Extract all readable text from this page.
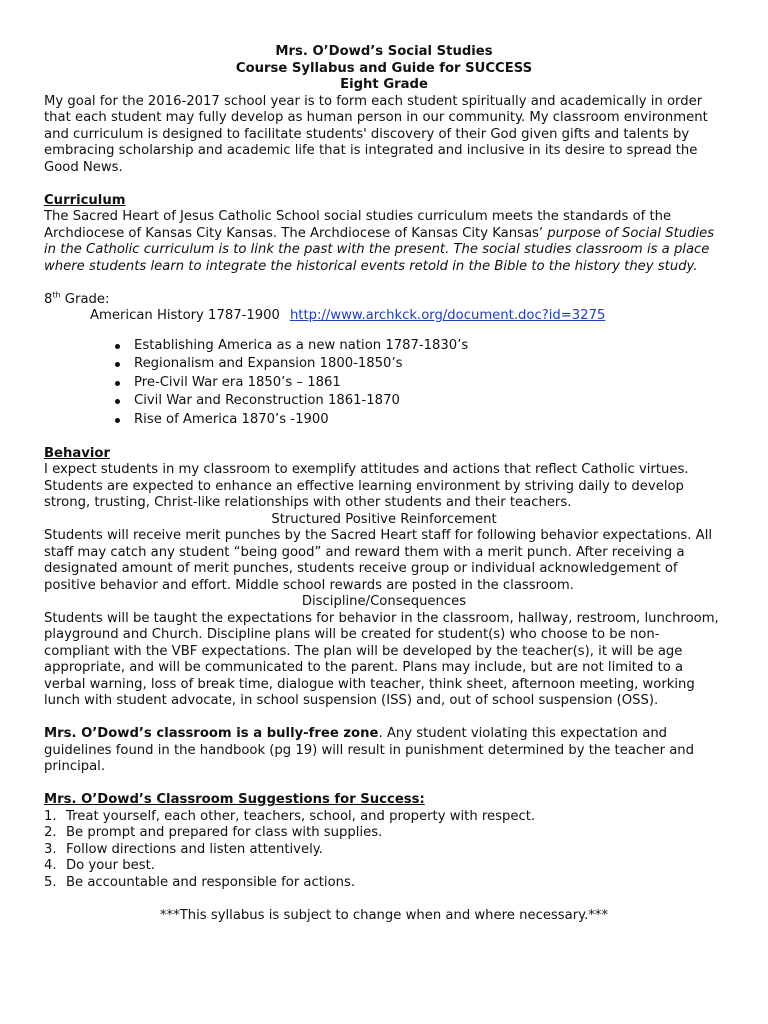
Mrs. O’Dowd’s Social Studies

Course Syllabus and Guide for SUCCESS

Eight Grade

My goal for the 2016-2017 school year is to form each student spiritually and academically in order that each student may fully develop as human person in our community. My classroom environment and curriculum is designed to facilitate students' discovery of their God given gifts and talents by embracing scholarship and academic life that is integrated and inclusive in its desire to spread the Good News.

Curriculum

The Sacred Heart of Jesus Catholic School social studies curriculum meets the standards of the Archdiocese of Kansas City Kansas. The Archdiocese of Kansas City Kansas’ purpose of Social Studies in the Catholic curriculum is to link the past with the present. The social studies classroom is a place where students learn to integrate the historical events retold in the Bible to the history they study.

8th Grade:

American History 1787-1900 http://www.archkck.org/document.doc?id=3275

Establishing America as a new nation 1787-1830’s
Regionalism and Expansion 1800-1850’s
Pre-Civil War era 1850’s – 1861
Civil War and Reconstruction 1861-1870
Rise of America 1870’s -1900

Behavior

I expect students in my classroom to exemplify attitudes and actions that reflect Catholic virtues. Students are expected to enhance an effective learning environment by striving daily to develop strong, trusting, Christ-like relationships with other students and their teachers.

Structured Positive Reinforcement

Students will receive merit punches by the Sacred Heart staff for following behavior expectations. All staff may catch any student “being good” and reward them with a merit punch. After receiving a designated amount of merit punches, students receive group or individual acknowledgement of positive behavior and effort. Middle school rewards are posted in the classroom.

Discipline/Consequences

Students will be taught the expectations for behavior in the classroom, hallway, restroom, lunchroom, playground and Church. Discipline plans will be created for student(s) who choose to be non-compliant with the VBF expectations. The plan will be developed by the teacher(s), it will be age appropriate, and will be communicated to the parent. Plans may include, but are not limited to a verbal warning, loss of break time, dialogue with teacher, think sheet, afternoon meeting, working lunch with student advocate, in school suspension (ISS) and, out of school suspension (OSS).

Mrs. O’Dowd’s classroom is a bully-free zone. Any student violating this expectation and guidelines found in the handbook (pg 19) will result in punishment determined by the teacher and principal.

Mrs. O’Dowd’s Classroom Suggestions for Success:

1. Treat yourself, each other, teachers, school, and property with respect.
2. Be prompt and prepared for class with supplies.
3. Follow directions and listen attentively.
4. Do your best.
5. Be accountable and responsible for actions.

***This syllabus is subject to change when and where necessary.***
